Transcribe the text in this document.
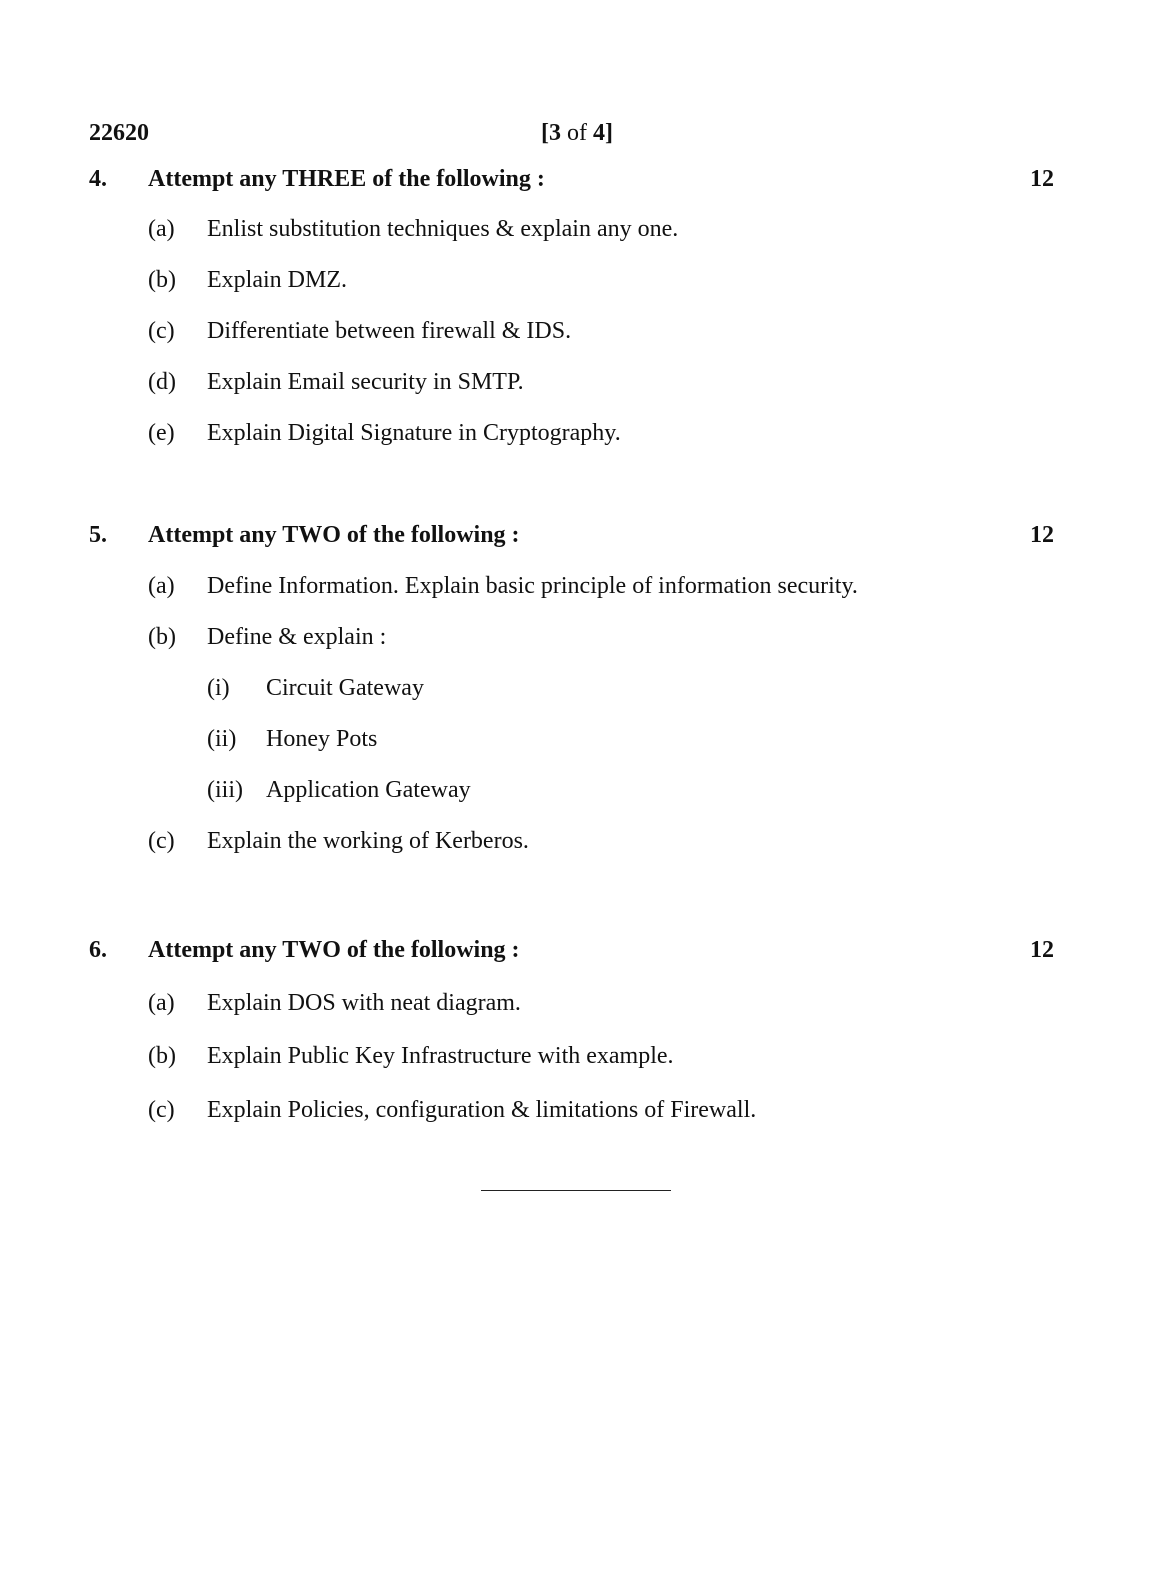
22620	[3 of 4]
4. Attempt any THREE of the following :	12
(a) Enlist substitution techniques & explain any one.
(b) Explain DMZ.
(c) Differentiate between firewall & IDS.
(d) Explain Email security in SMTP.
(e) Explain Digital Signature in Cryptography.
5. Attempt any TWO of the following :	12
(a) Define Information. Explain basic principle of information security.
(b) Define & explain :
(i) Circuit Gateway
(ii) Honey Pots
(iii) Application Gateway
(c) Explain the working of Kerberos.
6. Attempt any TWO of the following :	12
(a) Explain DOS with neat diagram.
(b) Explain Public Key Infrastructure with example.
(c) Explain Policies, configuration & limitations of Firewall.
